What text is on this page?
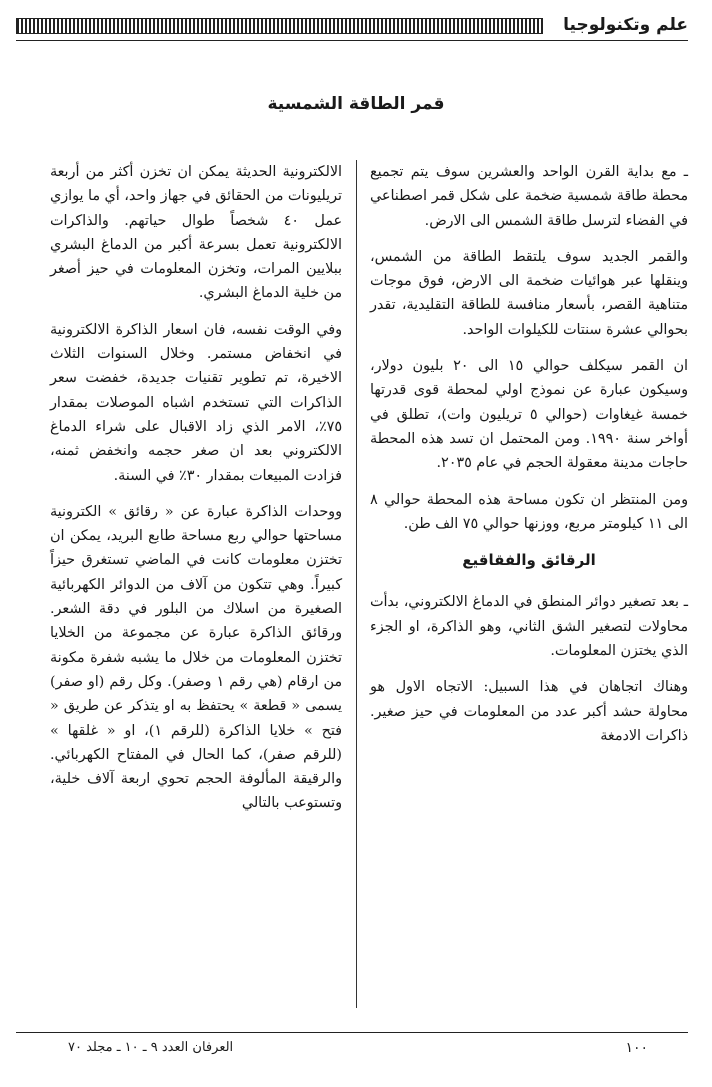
علم وتكنولوجيا
قمر الطاقة الشمسية

ـ مع بداية القرن الواحد والعشرين سوف يتم تجميع محطة طاقة شمسية ضخمة على شكل قمر اصطناعي في الفضاء لترسل طاقة الشمس الى الارض.

والقمر الجديد سوف يلتقط الطاقة من الشمس، وينقلها عبر هوائيات ضخمة الى الارض، فوق موجات متناهية القصر، بأسعار منافسة للطاقة التقليدية، تقدر بحوالي عشرة سنتات للكيلوات الواحد.

ان القمر سيكلف حوالي ١٥ الى ٢٠ بليون دولار، وسيكون عبارة عن نموذج اولي لمحطة قوى قدرتها خمسة غيغاوات (حوالي ٥ تريليون وات)، تطلق في أواخر سنة ١٩٩٠. ومن المحتمل ان تسد هذه المحطة حاجات مدينة معقولة الحجم في عام ٢٠٣٥.

ومن المنتظر ان تكون مساحة هذه المحطة حوالي ٨ الى ١١ كيلومتر مربع، ووزنها حوالي ٧٥ الف طن.

الرقائق والفقاقيع

ـ بعد تصغير دوائر المنطق في الدماغ الالكتروني، بدأت محاولات لتصغير الشق الثاني، وهو الذاكرة، او الجزء الذي يختزن المعلومات.

وهناك اتجاهان في هذا السبيل: الاتجاه الاول هو محاولة حشد أكبر عدد من المعلومات في حيز صغير. ذاكرات الادمغة

الالكترونية الحديثة يمكن ان تخزن أكثر من أربعة تريليونات من الحقائق في جهاز واحد، أي ما يوازي عمل ٤٠ شخصاً طوال حياتهم. والذاكرات الالكترونية تعمل بسرعة أكبر من الدماغ البشري ببلايين المرات، وتخزن المعلومات في حيز أصغر من خلية الدماغ البشري.

وفي الوقت نفسه، فان اسعار الذاكرة الالكترونية في انخفاض مستمر. وخلال السنوات الثلاث الاخيرة، تم تطوير تقنيات جديدة، خفضت سعر الذاكرات التي تستخدم اشباه الموصلات بمقدار ٧٥٪، الامر الذي زاد الاقبال على شراء الدماغ الالكتروني بعد ان صغر حجمه وانخفض ثمنه، فزادت المبيعات بمقدار ٣٠٪ في السنة.

ووحدات الذاكرة عبارة عن « رقائق » الكترونية مساحتها حوالي ربع مساحة طابع البريد، يمكن ان تختزن معلومات كانت في الماضي تستغرق حيزاً كبيراً. وهي تتكون من آلاف من الدوائر الكهربائية الصغيرة من اسلاك من البلور في دقة الشعر. ورقائق الذاكرة عبارة عن مجموعة من الخلايا تختزن المعلومات من خلال ما يشبه شفرة مكونة من ارقام (هي رقم ١ وصفر). وكل رقم (او صفر) يسمى « قطعة » يحتفظ به او يتذكر عن طريق « فتح » خلايا الذاكرة (للرقم ١)، او « غلقها » (للرقم صفر)، كما الحال في المفتاح الكهربائي. والرقيقة المألوفة الحجم تحوي اربعة آلاف خلية، وتستوعب بالتالي

١٠٠
العرفان العدد ٩ ـ ١٠ ـ مجلد ٧٠
